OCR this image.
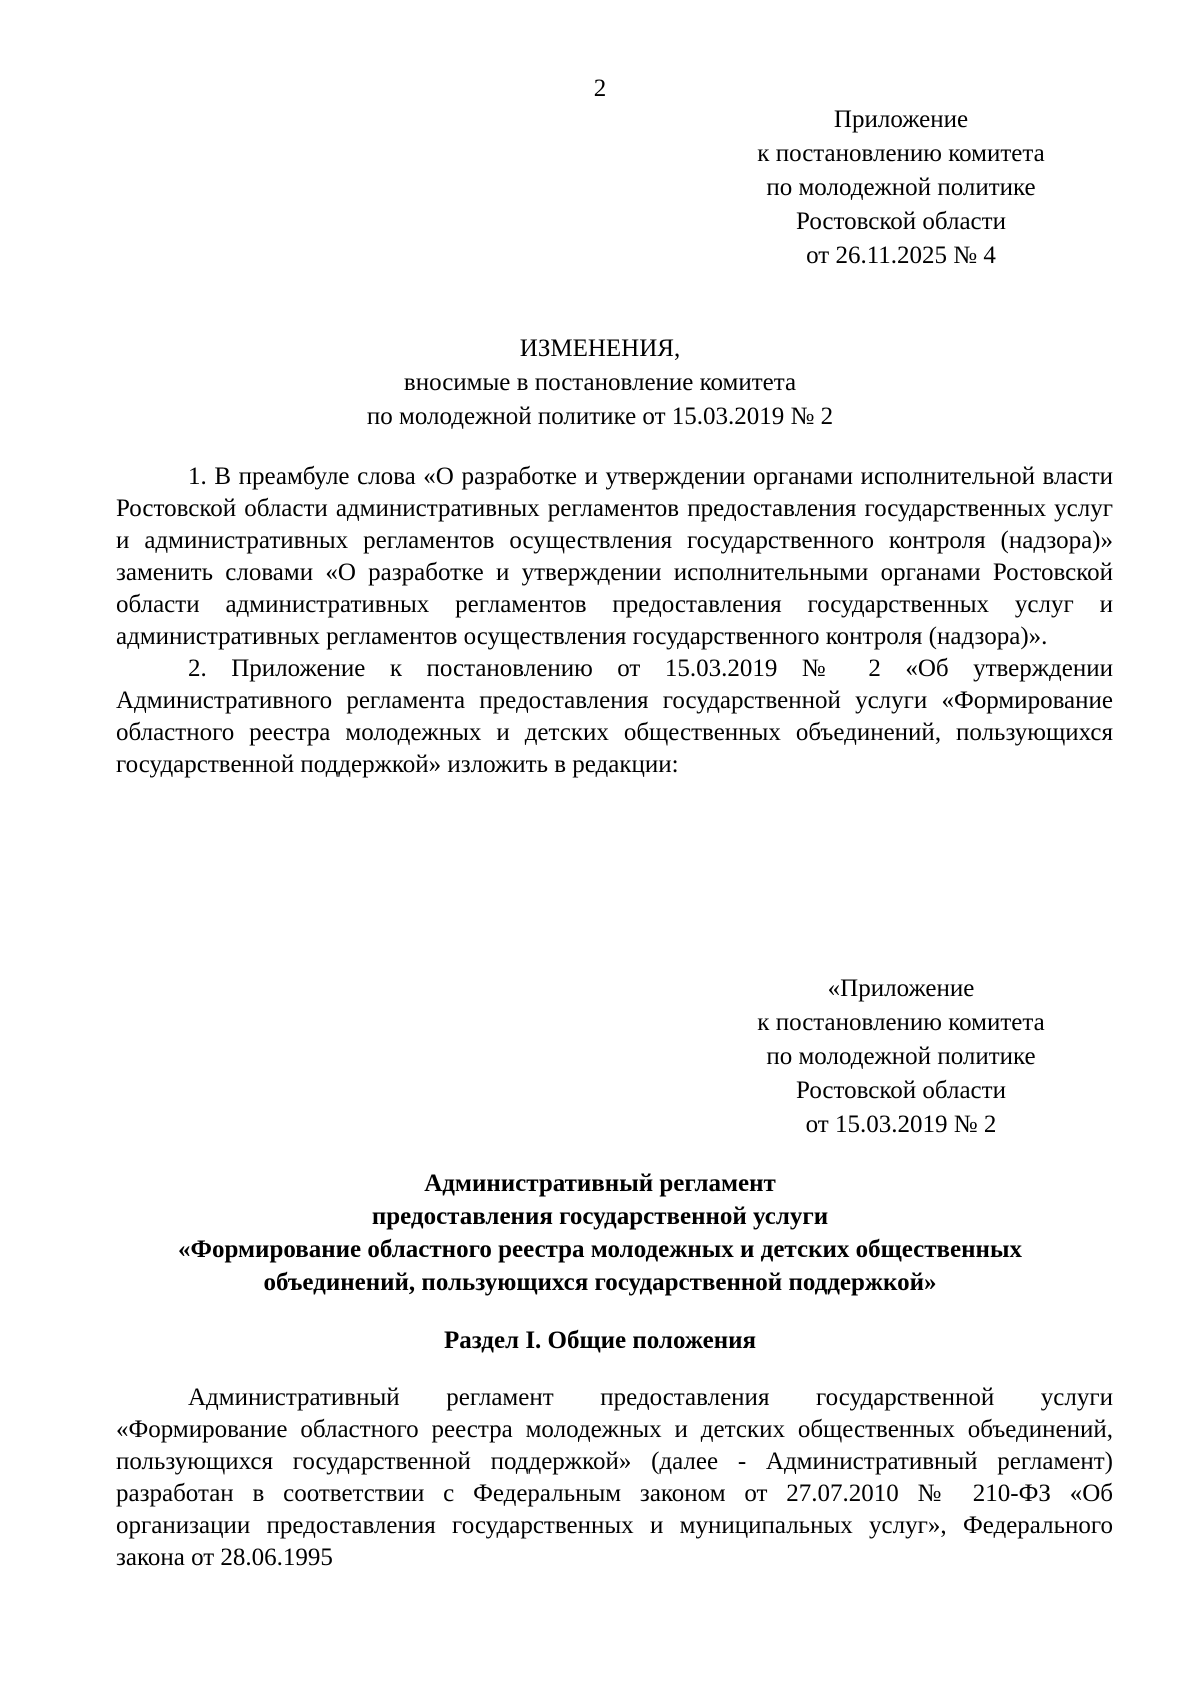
2
Приложение
к постановлению комитета
по молодежной политике
Ростовской области
от 26.11.2025 № 4
ИЗМЕНЕНИЯ,
вносимые в постановление комитета
по молодежной политике от 15.03.2019 № 2

1. В преамбуле слова «О разработке и утверждении органами исполнительной власти Ростовской области административных регламентов предоставления государственных услуг и административных регламентов осуществления государственного контроля (надзора)» заменить словами «О разработке и утверждении исполнительными органами Ростовской области административных регламентов предоставления государственных услуг и административных регламентов осуществления государственного контроля (надзора)».

2. Приложение к постановлению от 15.03.2019 № 2 «Об утверждении Административного регламента предоставления государственной услуги «Формирование областного реестра молодежных и детских общественных объединений, пользующихся государственной поддержкой» изложить в редакции:

«Приложение
к постановлению комитета
по молодежной политике
Ростовской области
от 15.03.2019 № 2
Административный регламент
предоставления государственной услуги
«Формирование областного реестра молодежных и детских общественных
объединений, пользующихся государственной поддержкой»
Раздел I. Общие положения

Административный регламент предоставления государственной услуги «Формирование областного реестра молодежных и детских общественных объединений, пользующихся государственной поддержкой» (далее - Административный регламент) разработан в соответствии с Федеральным законом от 27.07.2010 № 210-ФЗ «Об организации предоставления государственных и муниципальных услуг», Федерального закона от 28.06.1995
